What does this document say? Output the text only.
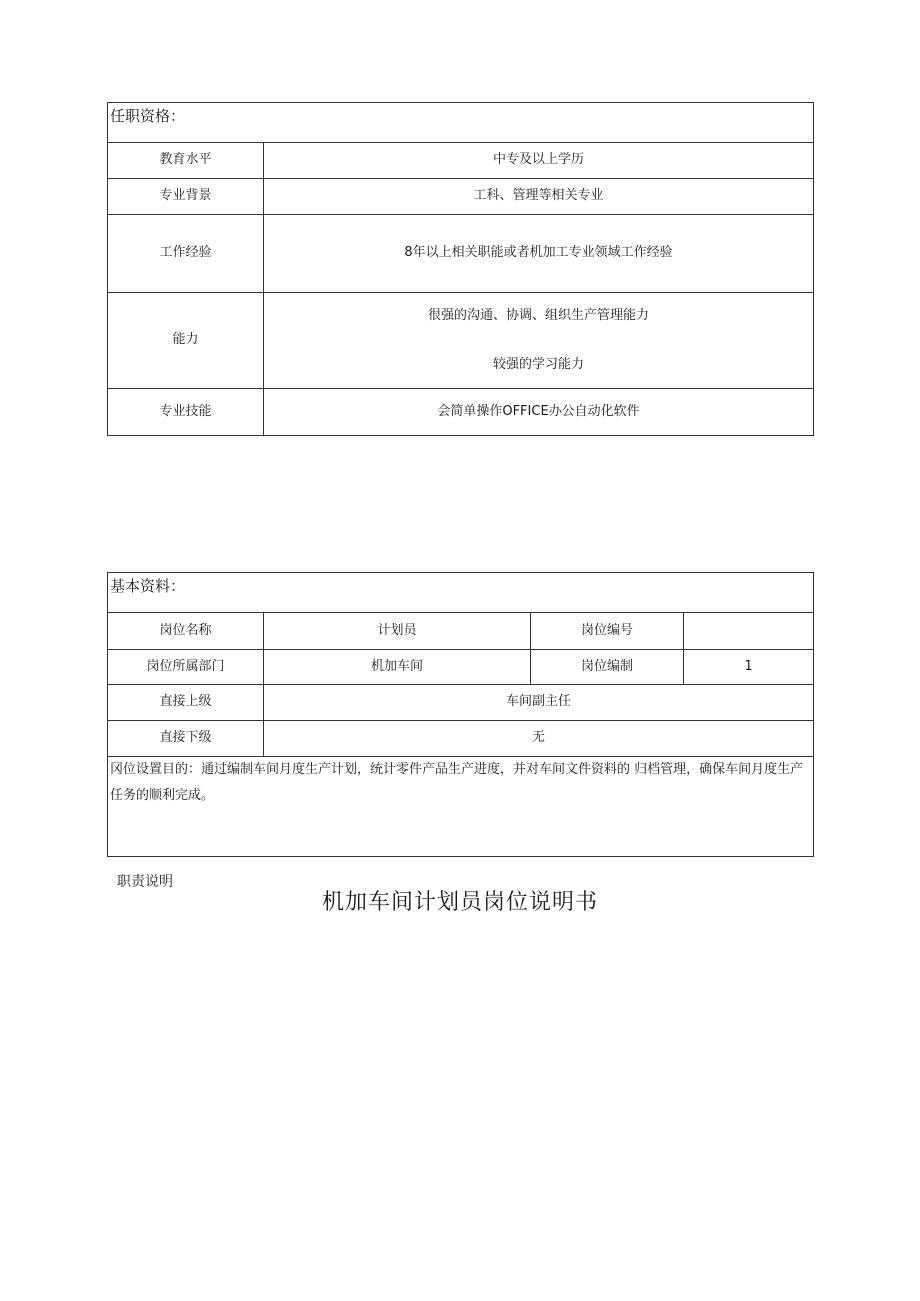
任职资格：	
教育水平	中专及以上学历
专业背景	工科、管理等相关专业
工作经验	8年以上相关职能或者机加工专业领域工作经验
能力	很强的沟通、协调、组织生产管理能力
较强的学习能力

专业技能	会简单操作OFFICE办公自动化软件
基本资料：			
岗位名称	计划员	岗位编号	
岗位所属部门	机加车间	岗位编制	1
直接上级	车间副主任		
直接下级	无		
冈位设置目的：通过编制车间月度生产计划，统计零件产品生产进度，并对车间文件资料的 归档管理，确保车间月度生产任务的顺利完成。			
职责说明
机加车间计划员岗位说明书
